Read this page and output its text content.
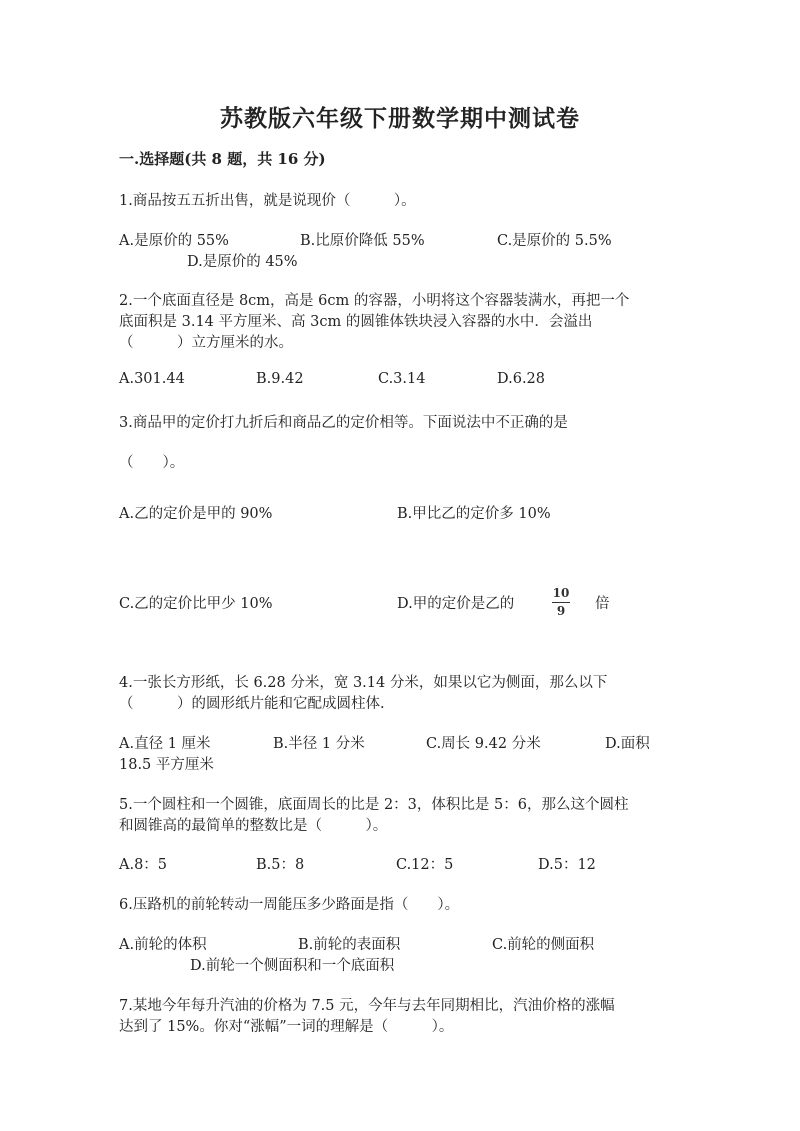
苏教版六年级下册数学期中测试卷
一.选择题(共 8 题，共 16 分)
1.商品按五五折出售，就是说现价（　　　）。
A.是原价的 55%	B.比原价降低 55%	C.是原价的 5.5%
D.是原价的 45%
2.一个底面直径是 8cm，高是 6cm 的容器，小明将这个容器装满水，再把一个
底面积是 3.14 平方厘米、高 3cm 的圆锥体铁块浸入容器的水中．会溢出
（　　　）立方厘米的水。
A.301.44	B.9.42	C.3.14	D.6.28
3.商品甲的定价打九折后和商品乙的定价相等。下面说法中不正确的是
（　　）。
A.乙的定价是甲的 90%	B.甲比乙的定价多 10%
C.乙的定价比甲少 10%	D.甲的定价是乙的
10
9	倍
4.一张长方形纸，长 6.28 分米，宽 3.14 分米，如果以它为侧面，那么以下
（　　　）的圆形纸片能和它配成圆柱体.
A.直径 1 厘米	B.半径 1 分米	C.周长 9.42 分米	D.面积
18.5 平方厘米
5.一个圆柱和一个圆锥，底面周长的比是 2：3，体积比是 5：6，那么这个圆柱
和圆锥高的最简单的整数比是（　　　）。
A.8：5	B.5：8	C.12：5	D.5：12
6.压路机的前轮转动一周能压多少路面是指（　　）。
A.前轮的体积	B.前轮的表面积	C.前轮的侧面积
D.前轮一个侧面积和一个底面积
7.某地今年每升汽油的价格为 7.5 元，今年与去年同期相比，汽油价格的涨幅
达到了 15%。你对“涨幅”一词的理解是（　　　）。
